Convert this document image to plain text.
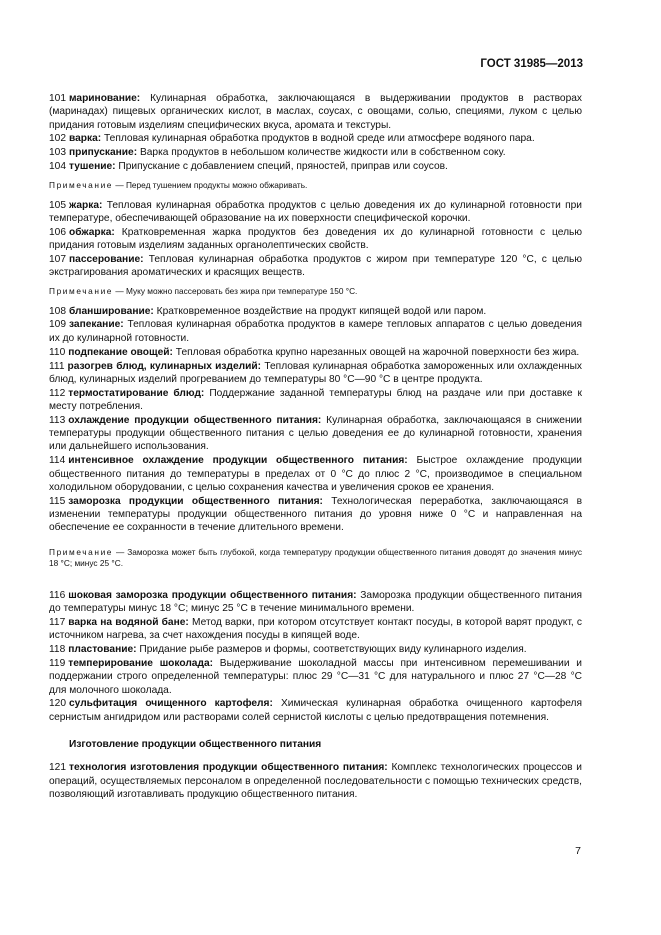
ГОСТ 31985—2013
101 маринование: Кулинарная обработка, заключающаяся в выдерживании продуктов в растворах (маринадах) пищевых органических кислот, в маслах, соусах, с овощами, солью, специями, луком с целью придания готовым изделиям специфических вкуса, аромата и текстуры.
102 варка: Тепловая кулинарная обработка продуктов в водной среде или атмосфере водяного пара.
103 припускание: Варка продуктов в небольшом количестве жидкости или в собственном соку.
104 тушение: Припускание с добавлением специй, пряностей, приправ или соусов.
Примечание — Перед тушением продукты можно обжаривать.
105 жарка: Тепловая кулинарная обработка продуктов с целью доведения их до кулинарной готовности при температуре, обеспечивающей образование на их поверхности специфической корочки.
106 обжарка: Кратковременная жарка продуктов без доведения их до кулинарной готовности с целью придания готовым изделиям заданных органолептических свойств.
107 пассерование: Тепловая кулинарная обработка продуктов с жиром при температуре 120 °С, с целью экстрагирования ароматических и красящих веществ.
Примечание — Муку можно пассеровать без жира при температуре 150 °С.
108 бланширование: Кратковременное воздействие на продукт кипящей водой или паром.
109 запекание: Тепловая кулинарная обработка продуктов в камере тепловых аппаратов с целью доведения их до кулинарной готовности.
110 подпекание овощей: Тепловая обработка крупно нарезанных овощей на жарочной поверхности без жира.
111 разогрев блюд, кулинарных изделий: Тепловая кулинарная обработка замороженных или охлажденных блюд, кулинарных изделий прогреванием до температуры 80 °С—90 °С в центре продукта.
112 термостатирование блюд: Поддержание заданной температуры блюд на раздаче или при доставке к месту потребления.
113 охлаждение продукции общественного питания: Кулинарная обработка, заключающаяся в снижении температуры продукции общественного питания с целью доведения ее до кулинарной готовности, хранения или дальнейшего использования.
114 интенсивное охлаждение продукции общественного питания: Быстрое охлаждение продукции общественного питания до температуры в пределах от 0 °С до плюс 2 °С, производимое в специальном холодильном оборудовании, с целью сохранения качества и увеличения сроков ее хранения.
115 заморозка продукции общественного питания: Технологическая переработка, заключающаяся в изменении температуры продукции общественного питания до уровня ниже 0 °С и направленная на обеспечение ее сохранности в течение длительного времени.
Примечание — Заморозка может быть глубокой, когда температуру продукции общественного питания доводят до значения минус 18 °С; минус 25 °С.
116 шоковая заморозка продукции общественного питания: Заморозка продукции общественного питания до температуры минус 18 °С; минус 25 °С в течение минимального времени.
117 варка на водяной бане: Метод варки, при котором отсутствует контакт посуды, в которой варят продукт, с источником нагрева, за счет нахождения посуды в кипящей воде.
118 пластование: Придание рыбе размеров и формы, соответствующих виду кулинарного изделия.
119 темперирование шоколада: Выдерживание шоколадной массы при интенсивном перемешивании и поддержании строго определенной температуры: плюс 29 °С—31 °С для натурального и плюс 27 °С—28 °С для молочного шоколада.
120 сульфитация очищенного картофеля: Химическая кулинарная обработка очищенного картофеля сернистым ангидридом или растворами солей сернистой кислоты с целью предотвращения потемнения.
Изготовление продукции общественного питания
121 технология изготовления продукции общественного питания: Комплекс технологических процессов и операций, осуществляемых персоналом в определенной последовательности с помощью технических средств, позволяющий изготавливать продукцию общественного питания.
7
